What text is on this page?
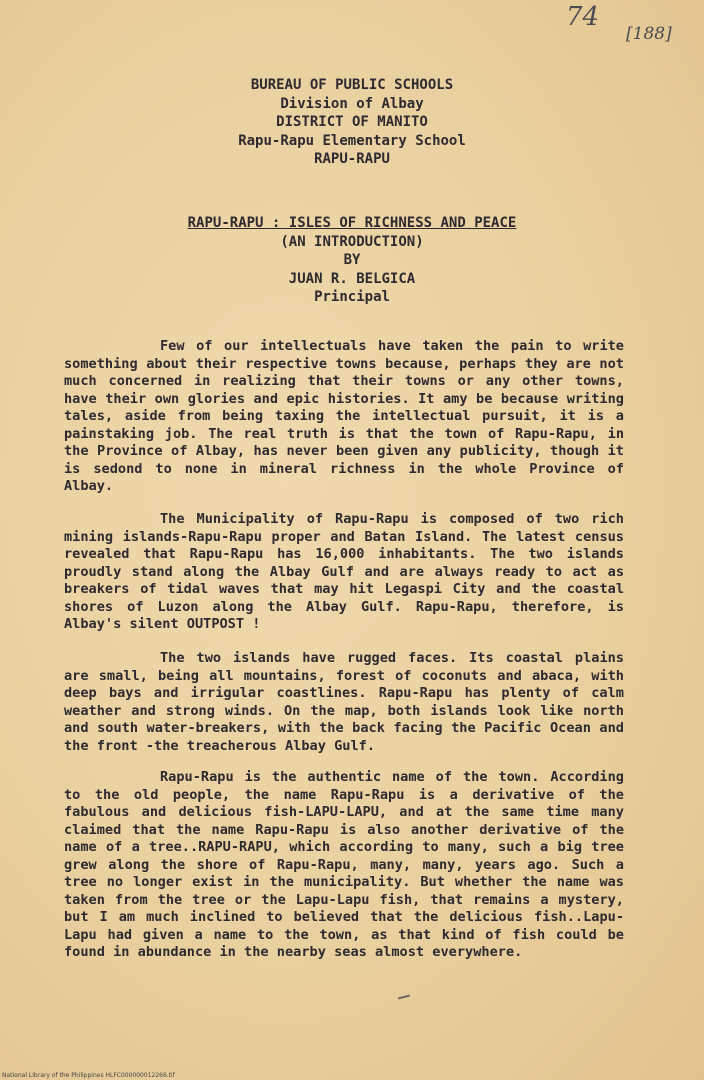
74
[188]
BUREAU OF PUBLIC SCHOOLS
Division of Albay
DISTRICT OF MANITO
Rapu-Rapu Elementary School
RAPU-RAPU
RAPU-RAPU : ISLES OF RICHNESS AND PEACE
(AN INTRODUCTION)
BY
JUAN R. BELGICA
Principal

Few of our intellectuals have taken the pain to write something about their respective towns because, perhaps they are not much concerned in realizing that their towns or any other towns, have their own glories and epic histories. It amy be because writing tales, aside from being taxing the intellectual pursuit, it is a painstaking job. The real truth is that the town of Rapu-Rapu, in the Province of Albay, has never been given any publicity, though it is sedond to none in mineral richness in the whole Province of Albay.

The Municipality of Rapu-Rapu is composed of two rich mining islands-Rapu-Rapu proper and Batan Island. The latest census revealed that Rapu-Rapu has 16,000 inhabitants. The two islands proudly stand along the Albay Gulf and are always ready to act as breakers of tidal waves that may hit Legaspi City and the coastal shores of Luzon along the Albay Gulf. Rapu-Rapu, therefore, is Albay's silent OUTPOST !

The two islands have rugged faces. Its coastal plains are small, being all mountains, forest of coconuts and abaca, with deep bays and irrigular coastlines. Rapu-Rapu has plenty of calm weather and strong winds. On the map, both islands look like north and south water-breakers, with the back facing the Pacific Ocean and the front -the treacherous Albay Gulf.

Rapu-Rapu is the authentic name of the town. According to the old people, the name Rapu-Rapu is a derivative of the fabulous and delicious fish-LAPU-LAPU, and at the same time many claimed that the name Rapu-Rapu is also another derivative of the name of a tree..RAPU-RAPU, which according to many, such a big tree grew along the shore of Rapu-Rapu, many, many, years ago. Such a tree no longer exist in the municipality. But whether the name was taken from the tree or the Lapu-Lapu fish, that remains a mystery, but I am much inclined to believed that the delicious fish..Lapu-Lapu had given a name to the town, as that kind of fish could be found in abundance in the nearby seas almost everywhere.

National Library of the Philippines HLFC000000012266.tif
